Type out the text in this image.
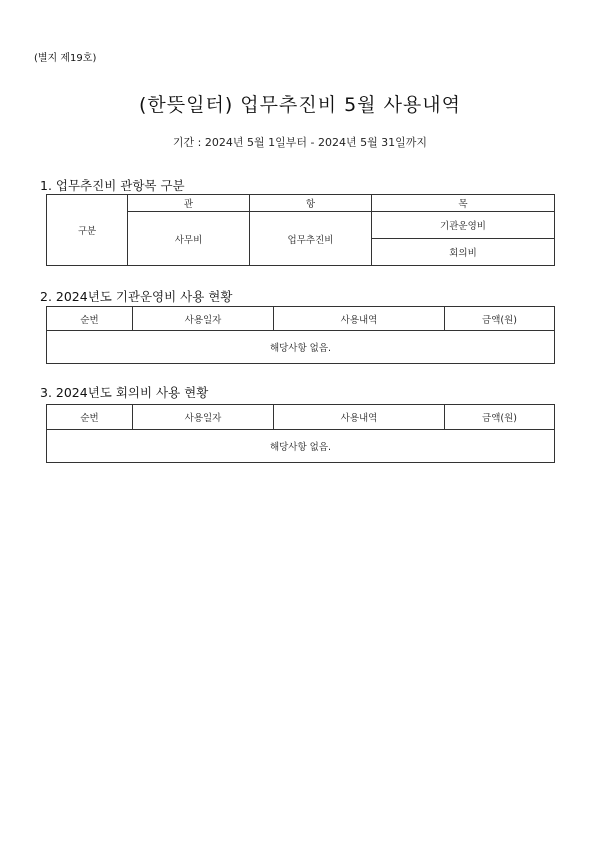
(별지 제19호)
(한뜻일터) 업무추진비 5월 사용내역
기간 : 2024년 5월 1일부터 - 2024년 5월 31일까지
1. 업무추진비 관항목 구분
구분	관	항	목
	사무비	업무추진비	기관운영비
			회의비
2. 2024년도 기관운영비 사용 현황
순번	사용일자	사용내역	금액(원)
해당사항 없음.
3. 2024년도 회의비 사용 현황
순번	사용일자	사용내역	금액(원)
해당사항 없음.
